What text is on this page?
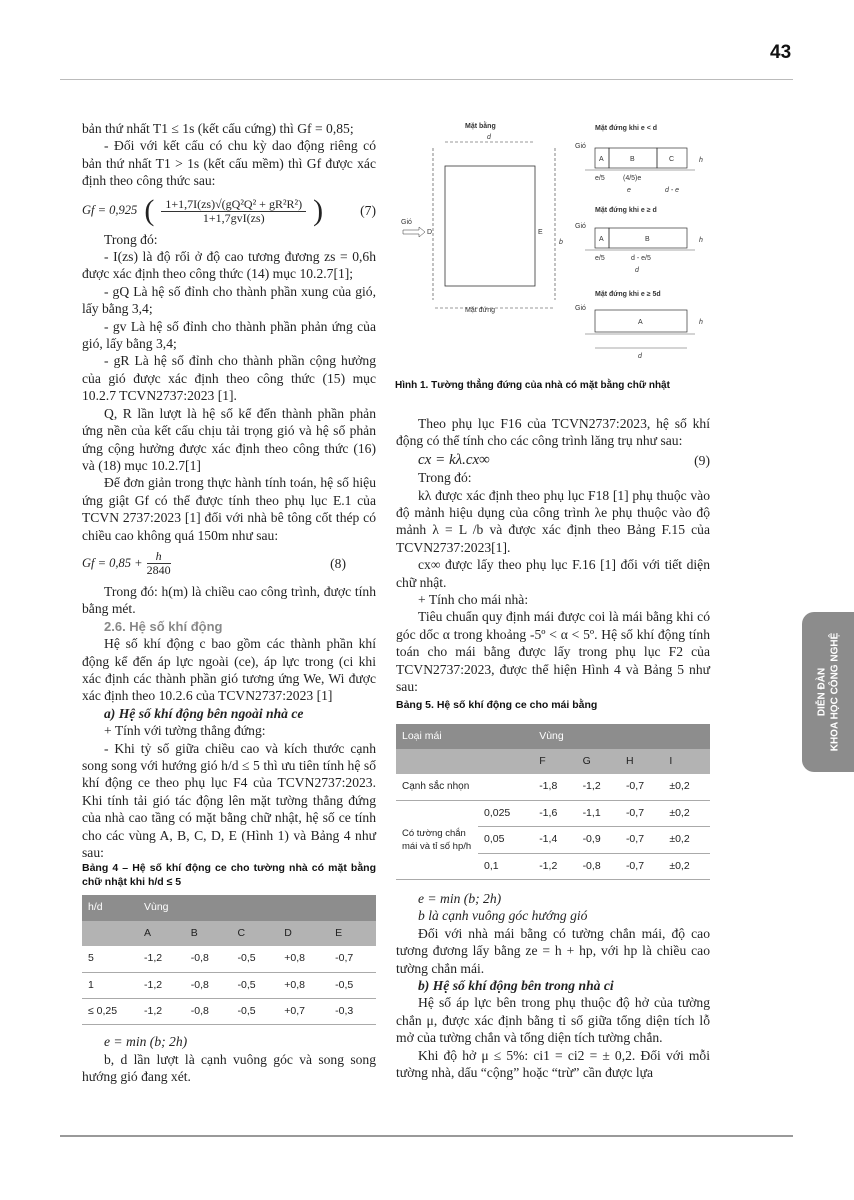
43

bản thứ nhất T1 ≤ 1s (kết cấu cứng) thì Gf = 0,85;

- Đối với kết cấu có chu kỳ dao động riêng có bản thứ nhất T1 > 1s (kết cấu mềm) thì Gf được xác định theo công thức sau:

Gf = 0,925 ( $\frac{\text{1+1,7I(zs)√(gQ²Q² + gR²R²)}}{\text{1+1,7gvI(zs)}}$ )	(7)

Trong đó:

- I(zs) là độ rối ở độ cao tương đương zs = 0,6h được xác định theo công thức (14) mục 10.2.7[1];

- gQ Là hệ số đỉnh cho thành phần xung của gió, lấy bằng 3,4;

- gv Là hệ số đỉnh cho thành phần phản ứng của gió, lấy bằng 3,4;

- gR Là hệ số đỉnh cho thành phần cộng hưởng của gió được xác định theo công thức (15) mục 10.2.7 TCVN2737:2023 [1].

Q, R lần lượt là hệ số kể đến thành phần phản ứng nền của kết cấu chịu tải trọng gió và hệ số phản ứng cộng hưởng được xác định theo công thức (16) và (18) mục 10.2.7[1]

Để đơn giản trong thực hành tính toán, hệ số hiệu ứng giật Gf có thể được tính theo phụ lục E.1 của TCVN 2737:2023 [1] đối với nhà bê tông cốt thép có chiều cao không quá 150m như sau:

$Gf = 0,85 + \frac{h}{2840}$	(8)

Trong đó: h(m) là chiều cao công trình, được tính bằng mét.

2.6. Hệ số khí động

Hệ số khí động c bao gồm các thành phần khí động kể đến áp lực ngoài (ce), áp lực trong (ci khi xác định các thành phần gió tương ứng We, Wi được xác định theo 10.2.6 của TCVN2737:2023 [1]

a) Hệ số khí động bên ngoài nhà ce

+ Tính với tường thẳng đứng:

- Khi tỷ số giữa chiều cao và kích thước cạnh song song với hướng gió h/d ≤ 5 thì ưu tiên tính hệ số khí động ce theo phụ lục F4 của TCVN2737:2023. Khi tính tải gió tác động lên mặt tường thẳng đứng của nhà cao tầng có mặt bằng chữ nhật, hệ số ce tính cho các vùng A, B, C, D, E (Hình 1) và Bảng 4 như sau:

Bảng 4 – Hệ số khí động ce cho tường nhà có mặt bằng chữ nhật khi h/d ≤ 5

h/d	Vùng				
	A	B	C	D	E
5	-1,2	-0,8	-0,5	+0,8	-0,7
1	-1,2	-0,8	-0,5	+0,8	-0,5
≤ 0,25	-1,2	-0,8	-0,5	+0,7	-0,3

e = min (b; 2h)

b, d lần lượt là cạnh vuông góc và song song hướng gió đang xét.

Mặt bằng
d
Gió
D	E
b
Mặt đứng
Mặt đứng khi e < d
Gió
A	B	C	h
e/5	(4/5)e
e	d - e
Mặt đứng khi e ≥ d
Gió
A	B	h
e/5	d - e/5
d
Mặt đứng khi e ≥ 5d
Gió
A	h
d
Hình 1. Tường thẳng đứng của nhà có mặt bằng chữ nhật

Theo phụ lục F16 của TCVN2737:2023, hệ số khí động có thể tính cho các công trình lăng trụ như sau:

cx = kλ.cx∞	(9)

Trong đó:

kλ được xác định theo phụ lục F18 [1] phụ thuộc vào độ mảnh hiệu dụng của công trình λe phụ thuộc vào độ mảnh λ = L /b và được xác định theo Bảng F.15 của TCVN2737:2023[1].

cx∞ được lấy theo phụ lục F.16 [1] đối với tiết diện chữ nhật.

+ Tính cho mái nhà:

Tiêu chuẩn quy định mái được coi là mái bằng khi có góc dốc α trong khoảng -5º < α < 5º. Hệ số khí động tính toán cho mái bằng được lấy trong phụ lục F2 của TCVN2737:2023, được thể hiện Hình 4 và Bảng 5 như sau:

Bảng 5. Hệ số khí động ce cho mái bằng

Loại mái		Vùng			
		F	G	H	I
Cạnh sắc nhọn		-1,8	-1,2	-0,7	±0,2
Có tường chắn mái và tỉ số hp/h	0,025	-1,6	-1,1	-0,7	±0,2
	0,05	-1,4	-0,9	-0,7	±0,2
	0,1	-1,2	-0,8	-0,7	±0,2

e = min (b; 2h)

b là cạnh vuông góc hướng gió

Đối với nhà mái bằng có tường chắn mái, độ cao tương đương lấy bằng ze = h + hp, với hp là chiều cao tường chắn mái.

b) Hệ số khí động bên trong nhà ci

Hệ số áp lực bên trong phụ thuộc độ hở của tường chắn μ, được xác định bằng tỉ số giữa tổng diện tích lỗ mở của tường chắn và tổng diện tích tường chắn.

Khi độ hở μ ≤ 5%: ci1 = ci2 = ± 0,2. Đối với mỗi tường nhà, dấu “cộng” hoặc “trừ” cần được lựa

DIỄN ĐÀN KHOA HỌC CÔNG NGHỆ
